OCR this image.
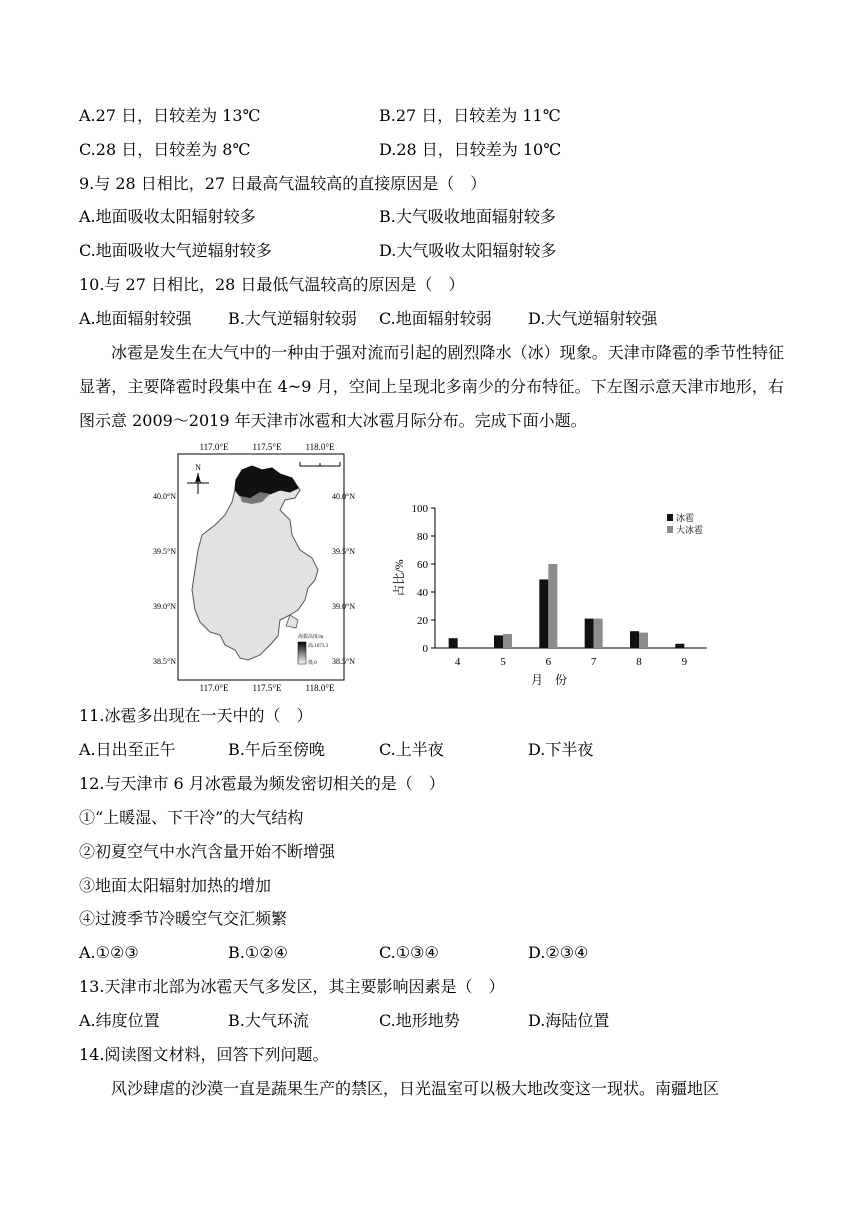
A.27 日，日较差为 13℃	B.27 日，日较差为 11℃
C.28 日，日较差为 8℃	D.28 日，日较差为 10℃
9.与 28 日相比，27 日最高气温较高的直接原因是（　）
A.地面吸收太阳辐射较多	B.大气吸收地面辐射较多
C.地面吸收大气逆辐射较多	D.大气吸收太阳辐射较多
10.与 27 日相比，28 日最低气温较高的原因是（　）
A.地面辐射较强 B.大气逆辐射较弱 C.地面辐射较弱 D.大气逆辐射较强
冰雹是发生在大气中的一种由于强对流而引起的剧烈降水（冰）现象。天津市降雹的季节性特征显著，主要降雹时段集中在 4~9 月，空间上呈现北多南少的分布特征。下左图示意天津市地形，右图示意 2009～2019 年天津市冰雹和大冰雹月际分布。完成下面小题。
117.0°E	117.5°E	118.0°E
117.0°E	117.5°E	118.0°E
40.0°N
39.5°N
39.0°N
38.5°N
40.0°N
39.5°N
39.0°N
38.5°N
N
海拔高度/m
高:1073.3
低:0
0
20
40
60
80
100
占比/%
4	5	6	7	8	9
月　份
冰雹
大冰雹
11.冰雹多出现在一天中的（　）
A.日出至正午	B.午后至傍晚	C.上半夜	D.下半夜
12.与天津市 6 月冰雹最为频发密切相关的是（　）
①“上暖湿、下干冷”的大气结构
②初夏空气中水汽含量开始不断增强
③地面太阳辐射加热的增加
④过渡季节冷暖空气交汇频繁
A.①②③	B.①②④	C.①③④	D.②③④
13.天津市北部为冰雹天气多发区，其主要影响因素是（　）
A.纬度位置	B.大气环流	C.地形地势	D.海陆位置
14.阅读图文材料，回答下列问题。
风沙肆虐的沙漠一直是蔬果生产的禁区，日光温室可以极大地改变这一现状。南疆地区
